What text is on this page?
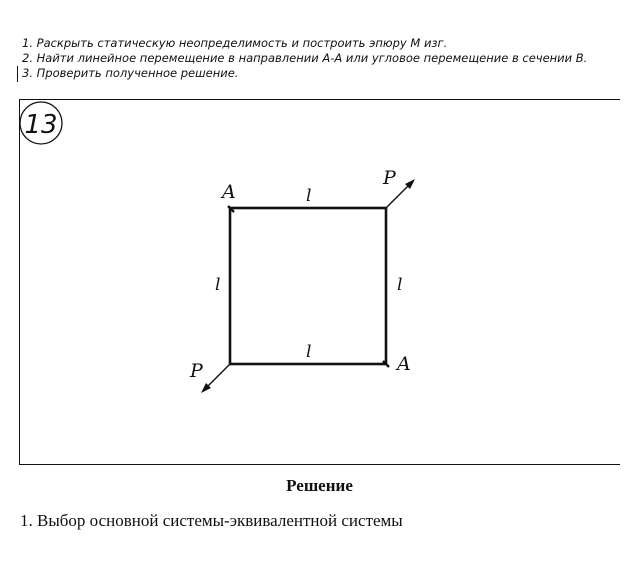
1. Раскрыть статическую неопределимость и построить эпюру M изг.
2. Найти линейное перемещение в направлении A-A или угловое перемещение в сечении B.
3. Проверить полученное решение.
13
A
A
P
P
l
l	l
l
Решение
1. Выбор основной системы-эквивалентной системы
